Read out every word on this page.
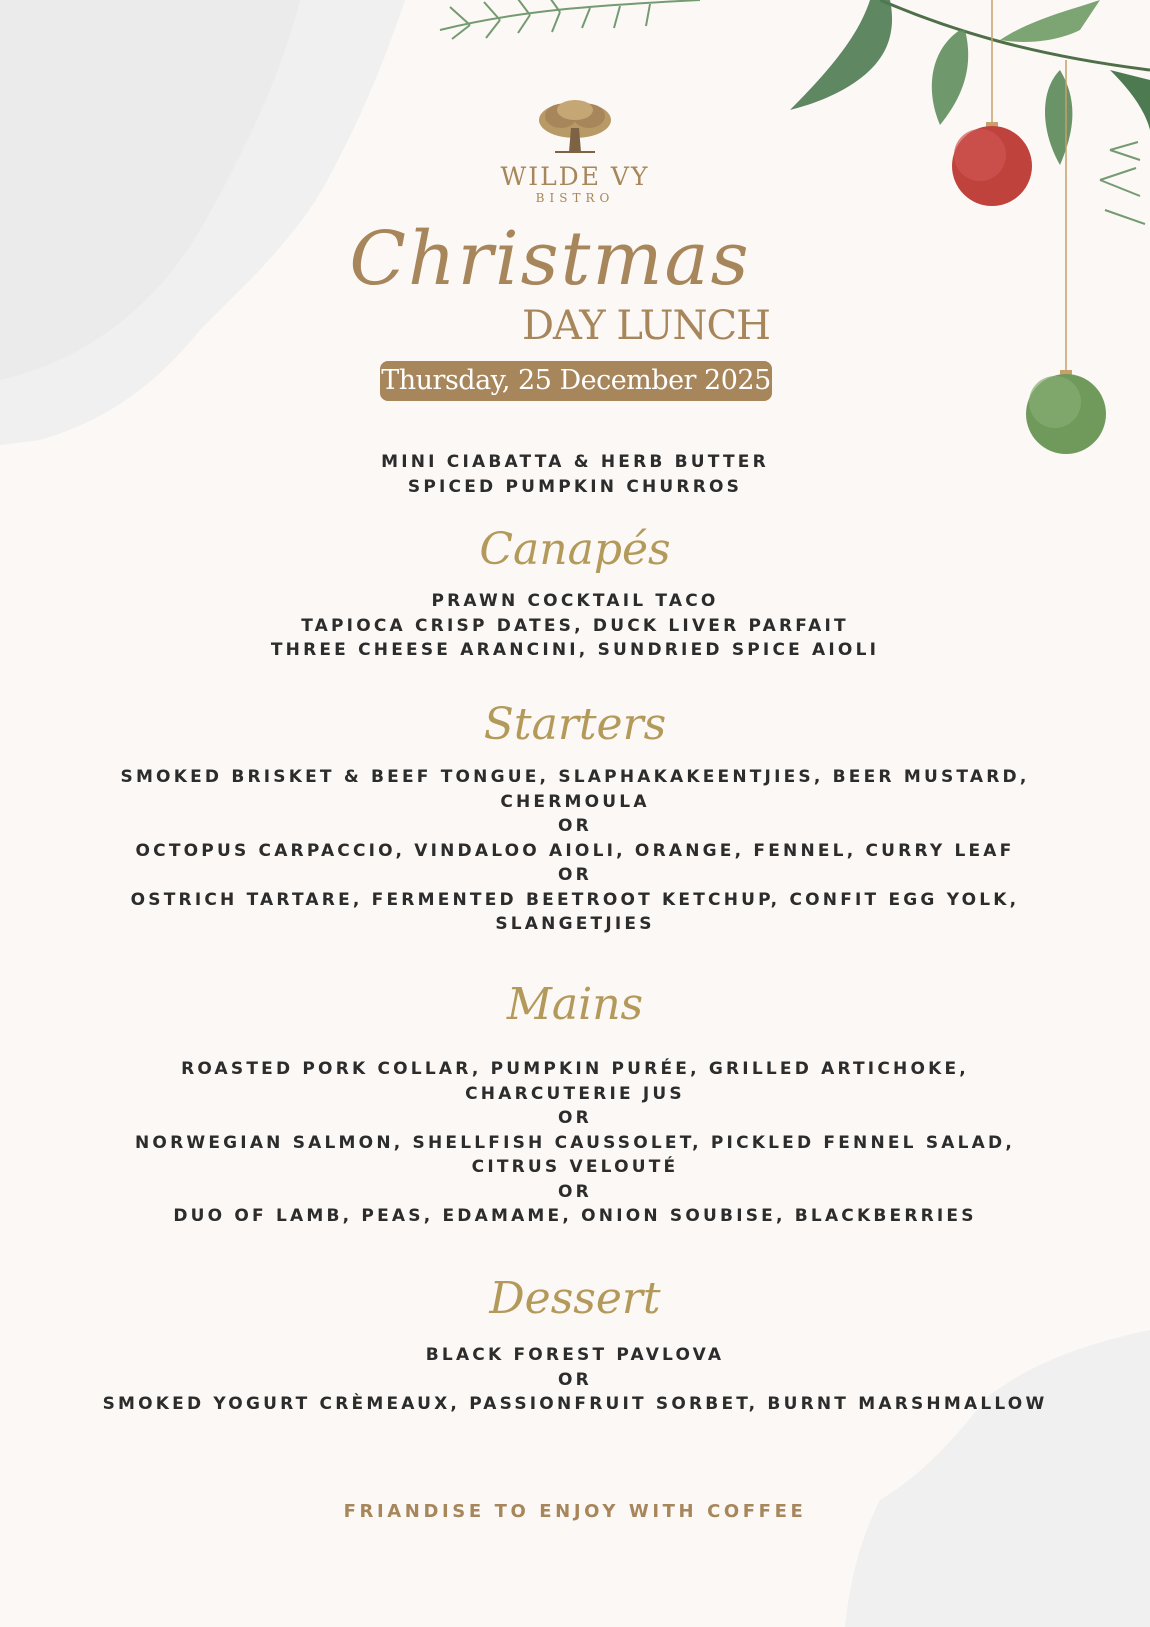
WILDE VY
BISTRO
Christmas
DAY LUNCH
Thursday, 25 December 2025
MINI CIABATTA & HERB BUTTER
SPICED PUMPKIN CHURROS
Canapés
PRAWN COCKTAIL TACO
TAPIOCA CRISP DATES, DUCK LIVER PARFAIT
THREE CHEESE ARANCINI, SUNDRIED SPICE AIOLI
Starters
SMOKED BRISKET & BEEF TONGUE, SLAPHAKAKEENTJIES, BEER MUSTARD,
CHERMOULA
OR
OCTOPUS CARPACCIO, VINDALOO AIOLI, ORANGE, FENNEL, CURRY LEAF
OR
OSTRICH TARTARE, FERMENTED BEETROOT KETCHUP, CONFIT EGG YOLK,
SLANGETJIES
Mains
ROASTED PORK COLLAR, PUMPKIN PURÉE, GRILLED ARTICHOKE,
CHARCUTERIE JUS
OR
NORWEGIAN SALMON, SHELLFISH CAUSSOLET, PICKLED FENNEL SALAD,
CITRUS VELOUTÉ
OR
DUO OF LAMB, PEAS, EDAMAME, ONION SOUBISE, BLACKBERRIES
Dessert
BLACK FOREST PAVLOVA
OR
SMOKED YOGURT CRÈMEAUX, PASSIONFRUIT SORBET, BURNT MARSHMALLOW
FRIANDISE TO ENJOY WITH COFFEE
